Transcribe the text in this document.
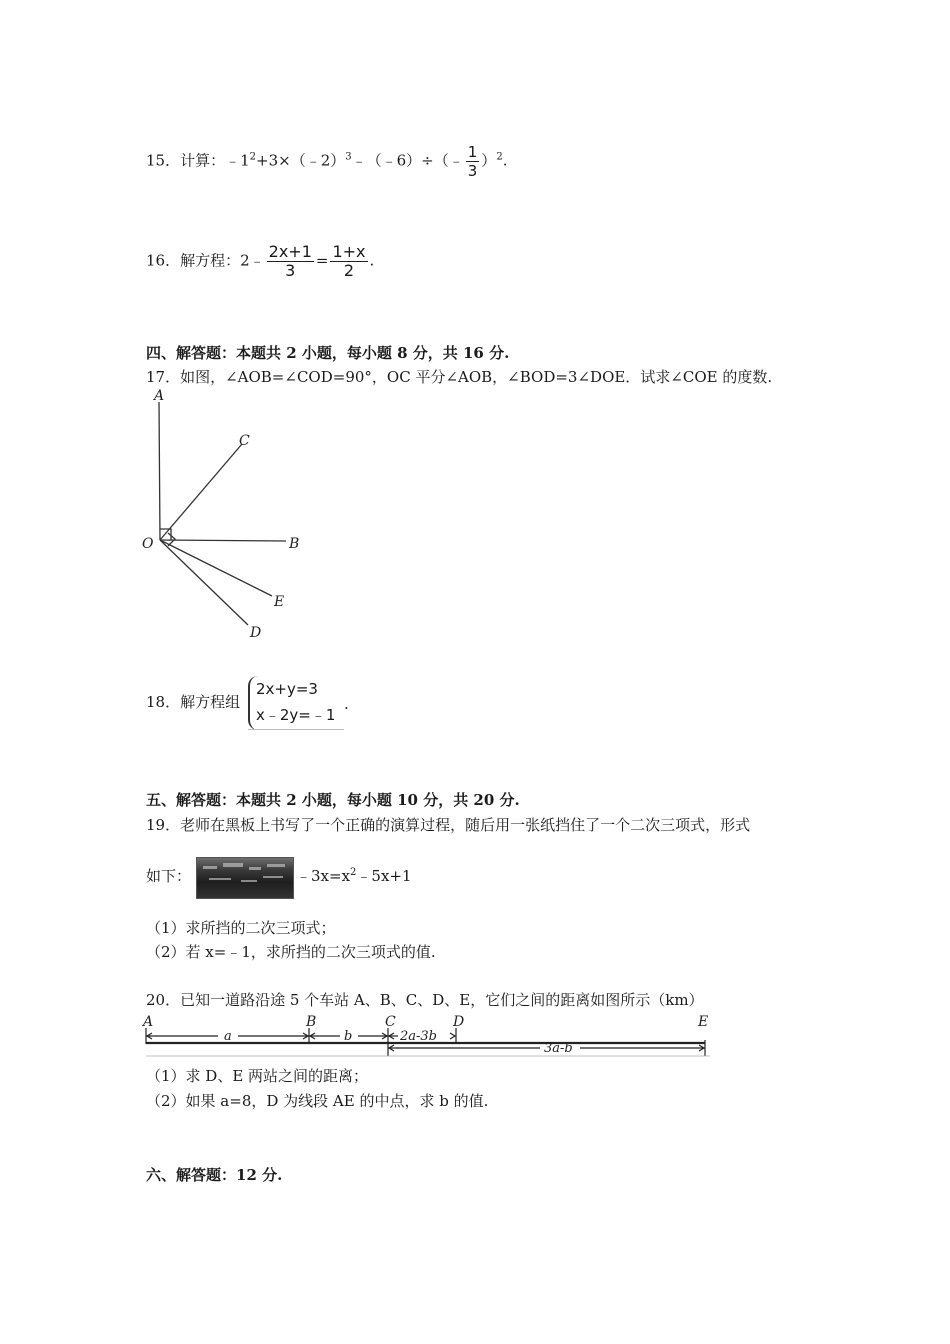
15．计算：$﹣1^2+3\times(﹣2)^3﹣(﹣6)\div(﹣ \frac{1}{3} )^2$.
16．解方程：2﹣ $\frac{2x+1}{3} = \frac{1+x}{2}$ .
四、解答题：本题共 2 小题，每小题 8 分，共 16 分.
17．如图，∠AOB=∠COD=90°，OC 平分∠AOB，∠BOD=3∠DOE．试求∠COE 的度数.
A
C
O	B
E
D
18．解方程组
2x+y=3
x﹣2y=﹣1
.
五、解答题：本题共 2 小题，每小题 10 分，共 20 分.
19．老师在黑板上书写了一个正确的演算过程，随后用一张纸挡住了一个二次三项式，形式
如下：	$﹣3x=x^2﹣5x+1$
（1）求所挡的二次三项式；
（2）若 x=﹣1，求所挡的二次三项式的值.
20．已知一道路沿途 5 个车站 A、B、C、D、E，它们之间的距离如图所示（km）
A	B	C	D	E
a	b	2a-3b
3a-b
（1）求 D、E 两站之间的距离；
（2）如果 a=8，D 为线段 AE 的中点，求 b 的值.
六、解答题：12 分.
